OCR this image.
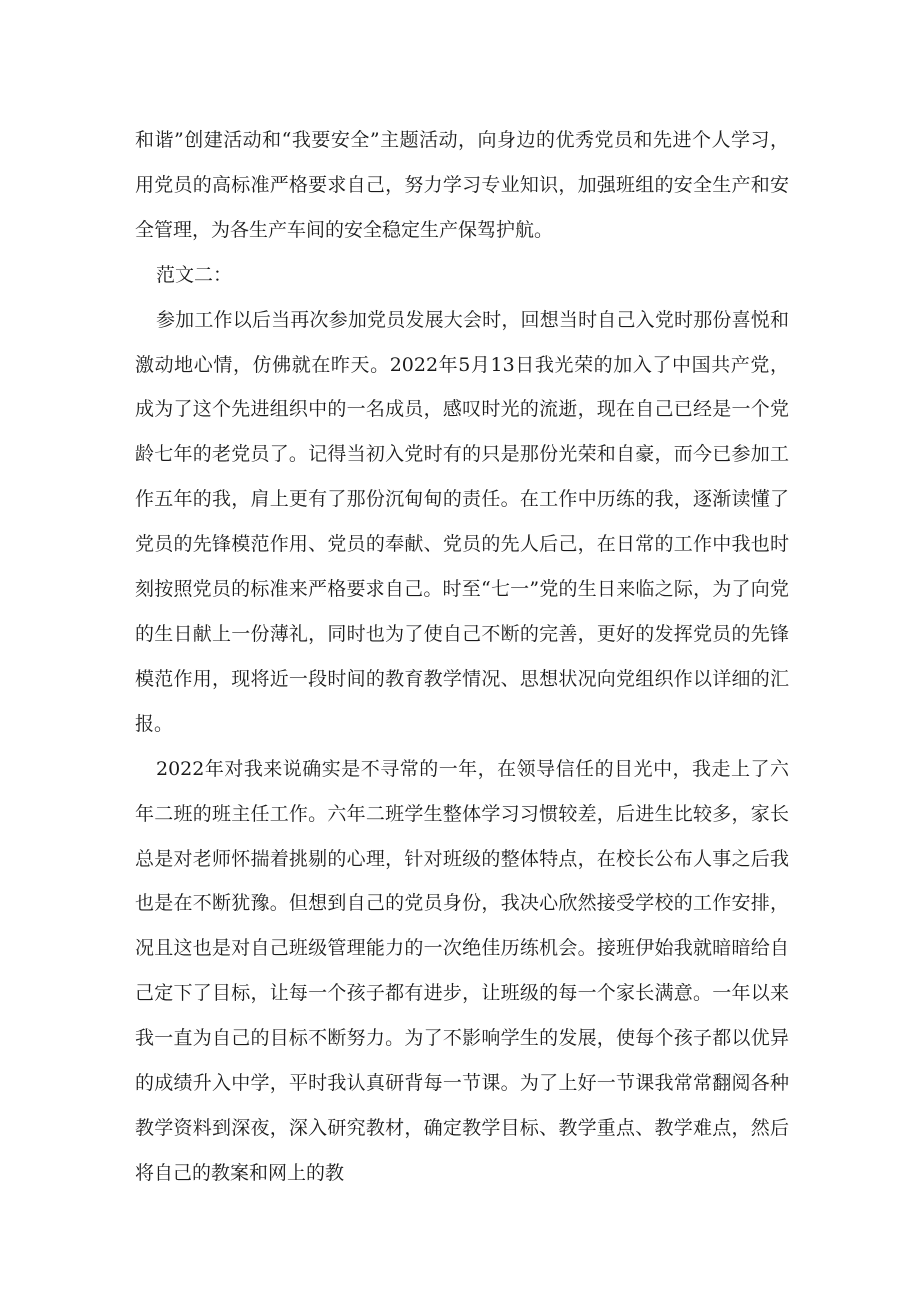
和谐”创建活动和“我要安全”主题活动，向身边的优秀党员和先进个人学习，用党员的高标准严格要求自己，努力学习专业知识，加强班组的安全生产和安全管理，为各生产车间的安全稳定生产保驾护航。

范文二：

参加工作以后当再次参加党员发展大会时，回想当时自己入党时那份喜悦和激动地心情，仿佛就在昨天。2022年5月13日我光荣的加入了中国共产党，成为了这个先进组织中的一名成员，感叹时光的流逝，现在自己已经是一个党龄七年的老党员了。记得当初入党时有的只是那份光荣和自豪，而今已参加工作五年的我，肩上更有了那份沉甸甸的责任。在工作中历练的我，逐渐读懂了党员的先锋模范作用、党员的奉献、党员的先人后己，在日常的工作中我也时刻按照党员的标准来严格要求自己。时至“七一”党的生日来临之际，为了向党的生日献上一份薄礼，同时也为了使自己不断的完善，更好的发挥党员的先锋模范作用，现将近一段时间的教育教学情况、思想状况向党组织作以详细的汇报。

2022年对我来说确实是不寻常的一年，在领导信任的目光中，我走上了六年二班的班主任工作。六年二班学生整体学习习惯较差，后进生比较多，家长总是对老师怀揣着挑剔的心理，针对班级的整体特点，在校长公布人事之后我也是在不断犹豫。但想到自己的党员身份，我决心欣然接受学校的工作安排，况且这也是对自己班级管理能力的一次绝佳历练机会。接班伊始我就暗暗给自己定下了目标，让每一个孩子都有进步，让班级的每一个家长满意。一年以来我一直为自己的目标不断努力。为了不影响学生的发展，使每个孩子都以优异的成绩升入中学，平时我认真研背每一节课。为了上好一节课我常常翻阅各种教学资料到深夜，深入研究教材，确定教学目标、教学重点、教学难点，然后将自己的教案和网上的教
